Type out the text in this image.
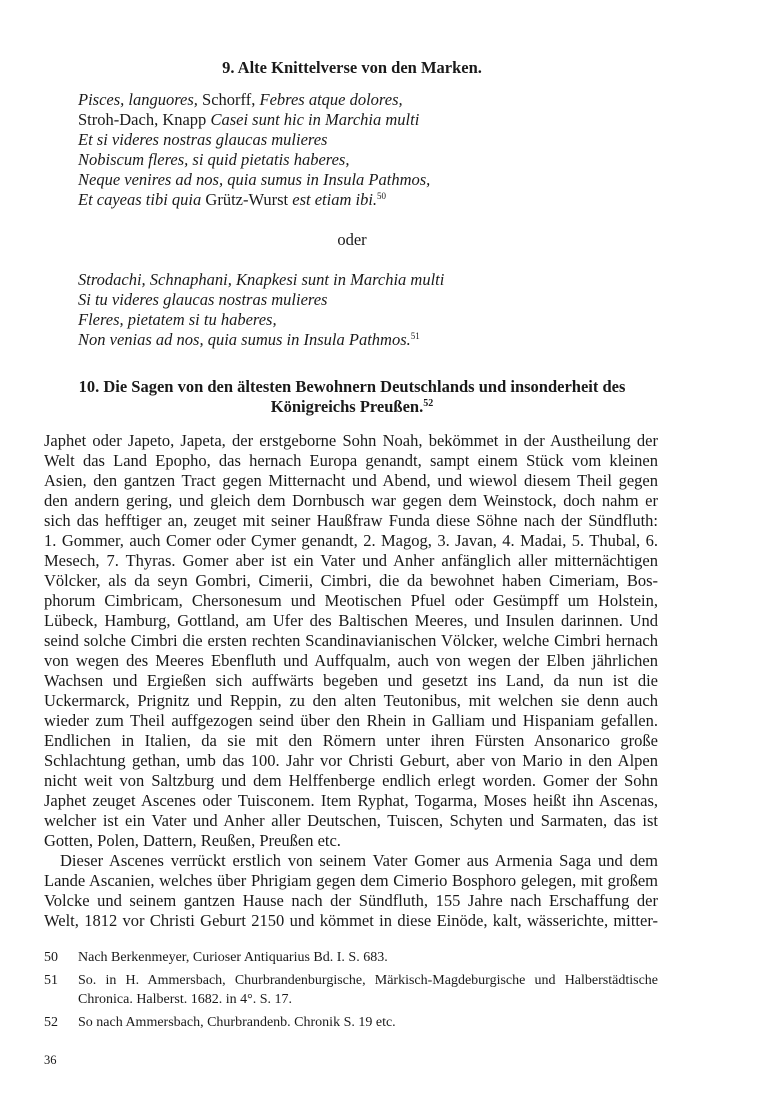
9. Alte Knittelverse von den Marken.
Pisces, languores, Schorff, Febres atque dolores,
Stroh-Dach, Knapp Casei sunt hic in Marchia multi
Et si videres nostras glaucas mulieres
Nobiscum fleres, si quid pietatis haberes,
Neque venires ad nos, quia sumus in Insula Pathmos,
Et cayeas tibi quia Grütz-Wurst est etiam ibi.$^{50}$
oder
Strodachi, Schnaphani, Knapkesi sunt in Marchia multi
Si tu videres glaucas nostras mulieres
Fleres, pietatem si tu haberes,
Non venias ad nos, quia sumus in Insula Pathmos.$^{51}$
10. Die Sagen von den ältesten Bewohnern Deutschlands und insonderheit des
Königreichs Preußen.$^{52}$
Japhet oder Japeto, Japeta, der erstgeborne Sohn Noah, bekömmet in der Austheilung der
Welt das Land Epopho, das hernach Europa genandt, sampt einem Stück vom kleinen
Asien, den gantzen Tract gegen Mitternacht und Abend, und wiewol diesem Theil gegen
den andern gering, und gleich dem Dornbusch war gegen dem Weinstock, doch nahm er
sich das hefftiger an, zeuget mit seiner Haußfraw Funda diese Söhne nach der Sündfluth:
1. Gommer, auch Comer oder Cymer genandt, 2. Magog, 3. Javan, 4. Madai, 5. Thubal, 6.
Mesech, 7. Thyras. Gomer aber ist ein Vater und Anher anfänglich aller mitternächtigen
Völcker, als da seyn Gombri, Cimerii, Cimbri, die da bewohnet haben Cimeriam, Bos-
phorum Cimbricam, Chersonesum und Meotischen Pfuel oder Gesümpff um Holstein,
Lübeck, Hamburg, Gottland, am Ufer des Baltischen Meeres, und Insulen darinnen. Und
seind solche Cimbri die ersten rechten Scandinavianischen Völcker, welche Cimbri hernach
von wegen des Meeres Ebenfluth und Auffqualm, auch von wegen der Elben jährlichen
Wachsen und Ergießen sich auffwärts begeben und gesetzt ins Land, da nun ist die
Uckermarck, Prignitz und Reppin, zu den alten Teutonibus, mit welchen sie denn auch
wieder zum Theil auffgezogen seind über den Rhein in Galliam und Hispaniam gefallen.
Endlichen in Italien, da sie mit den Römern unter ihren Fürsten Ansonarico große
Schlachtung gethan, umb das 100. Jahr vor Christi Geburt, aber von Mario in den Alpen
nicht weit von Saltzburg und dem Helffenberge endlich erlegt worden. Gomer der Sohn
Japhet zeuget Ascenes oder Tuisconem. Item Ryphat, Togarma, Moses heißt ihn Ascenas,
welcher ist ein Vater und Anher aller Deutschen, Tuiscen, Schyten und Sarmaten, das ist
Gotten, Polen, Dattern, Reußen, Preußen etc.
Dieser Ascenes verrückt erstlich von seinem Vater Gomer aus Armenia Saga und dem
Lande Ascanien, welches über Phrigiam gegen dem Cimerio Bosphoro gelegen, mit großem
Volcke und seinem gantzen Hause nach der Sündfluth, 155 Jahre nach Erschaffung der
Welt, 1812 vor Christi Geburt 2150 und kömmet in diese Einöde, kalt, wässerichte, mitter-
50 Nach Berkenmeyer, Curioser Antiquarius Bd. I. S. 683.
51 So. in H. Ammersbach, Churbrandenburgische, Märkisch-Magdeburgische und Halberstädtische
Chronica. Halberst. 1682. in 4°. S. 17.
52 So nach Ammersbach, Churbrandenb. Chronik S. 19 etc.
36
